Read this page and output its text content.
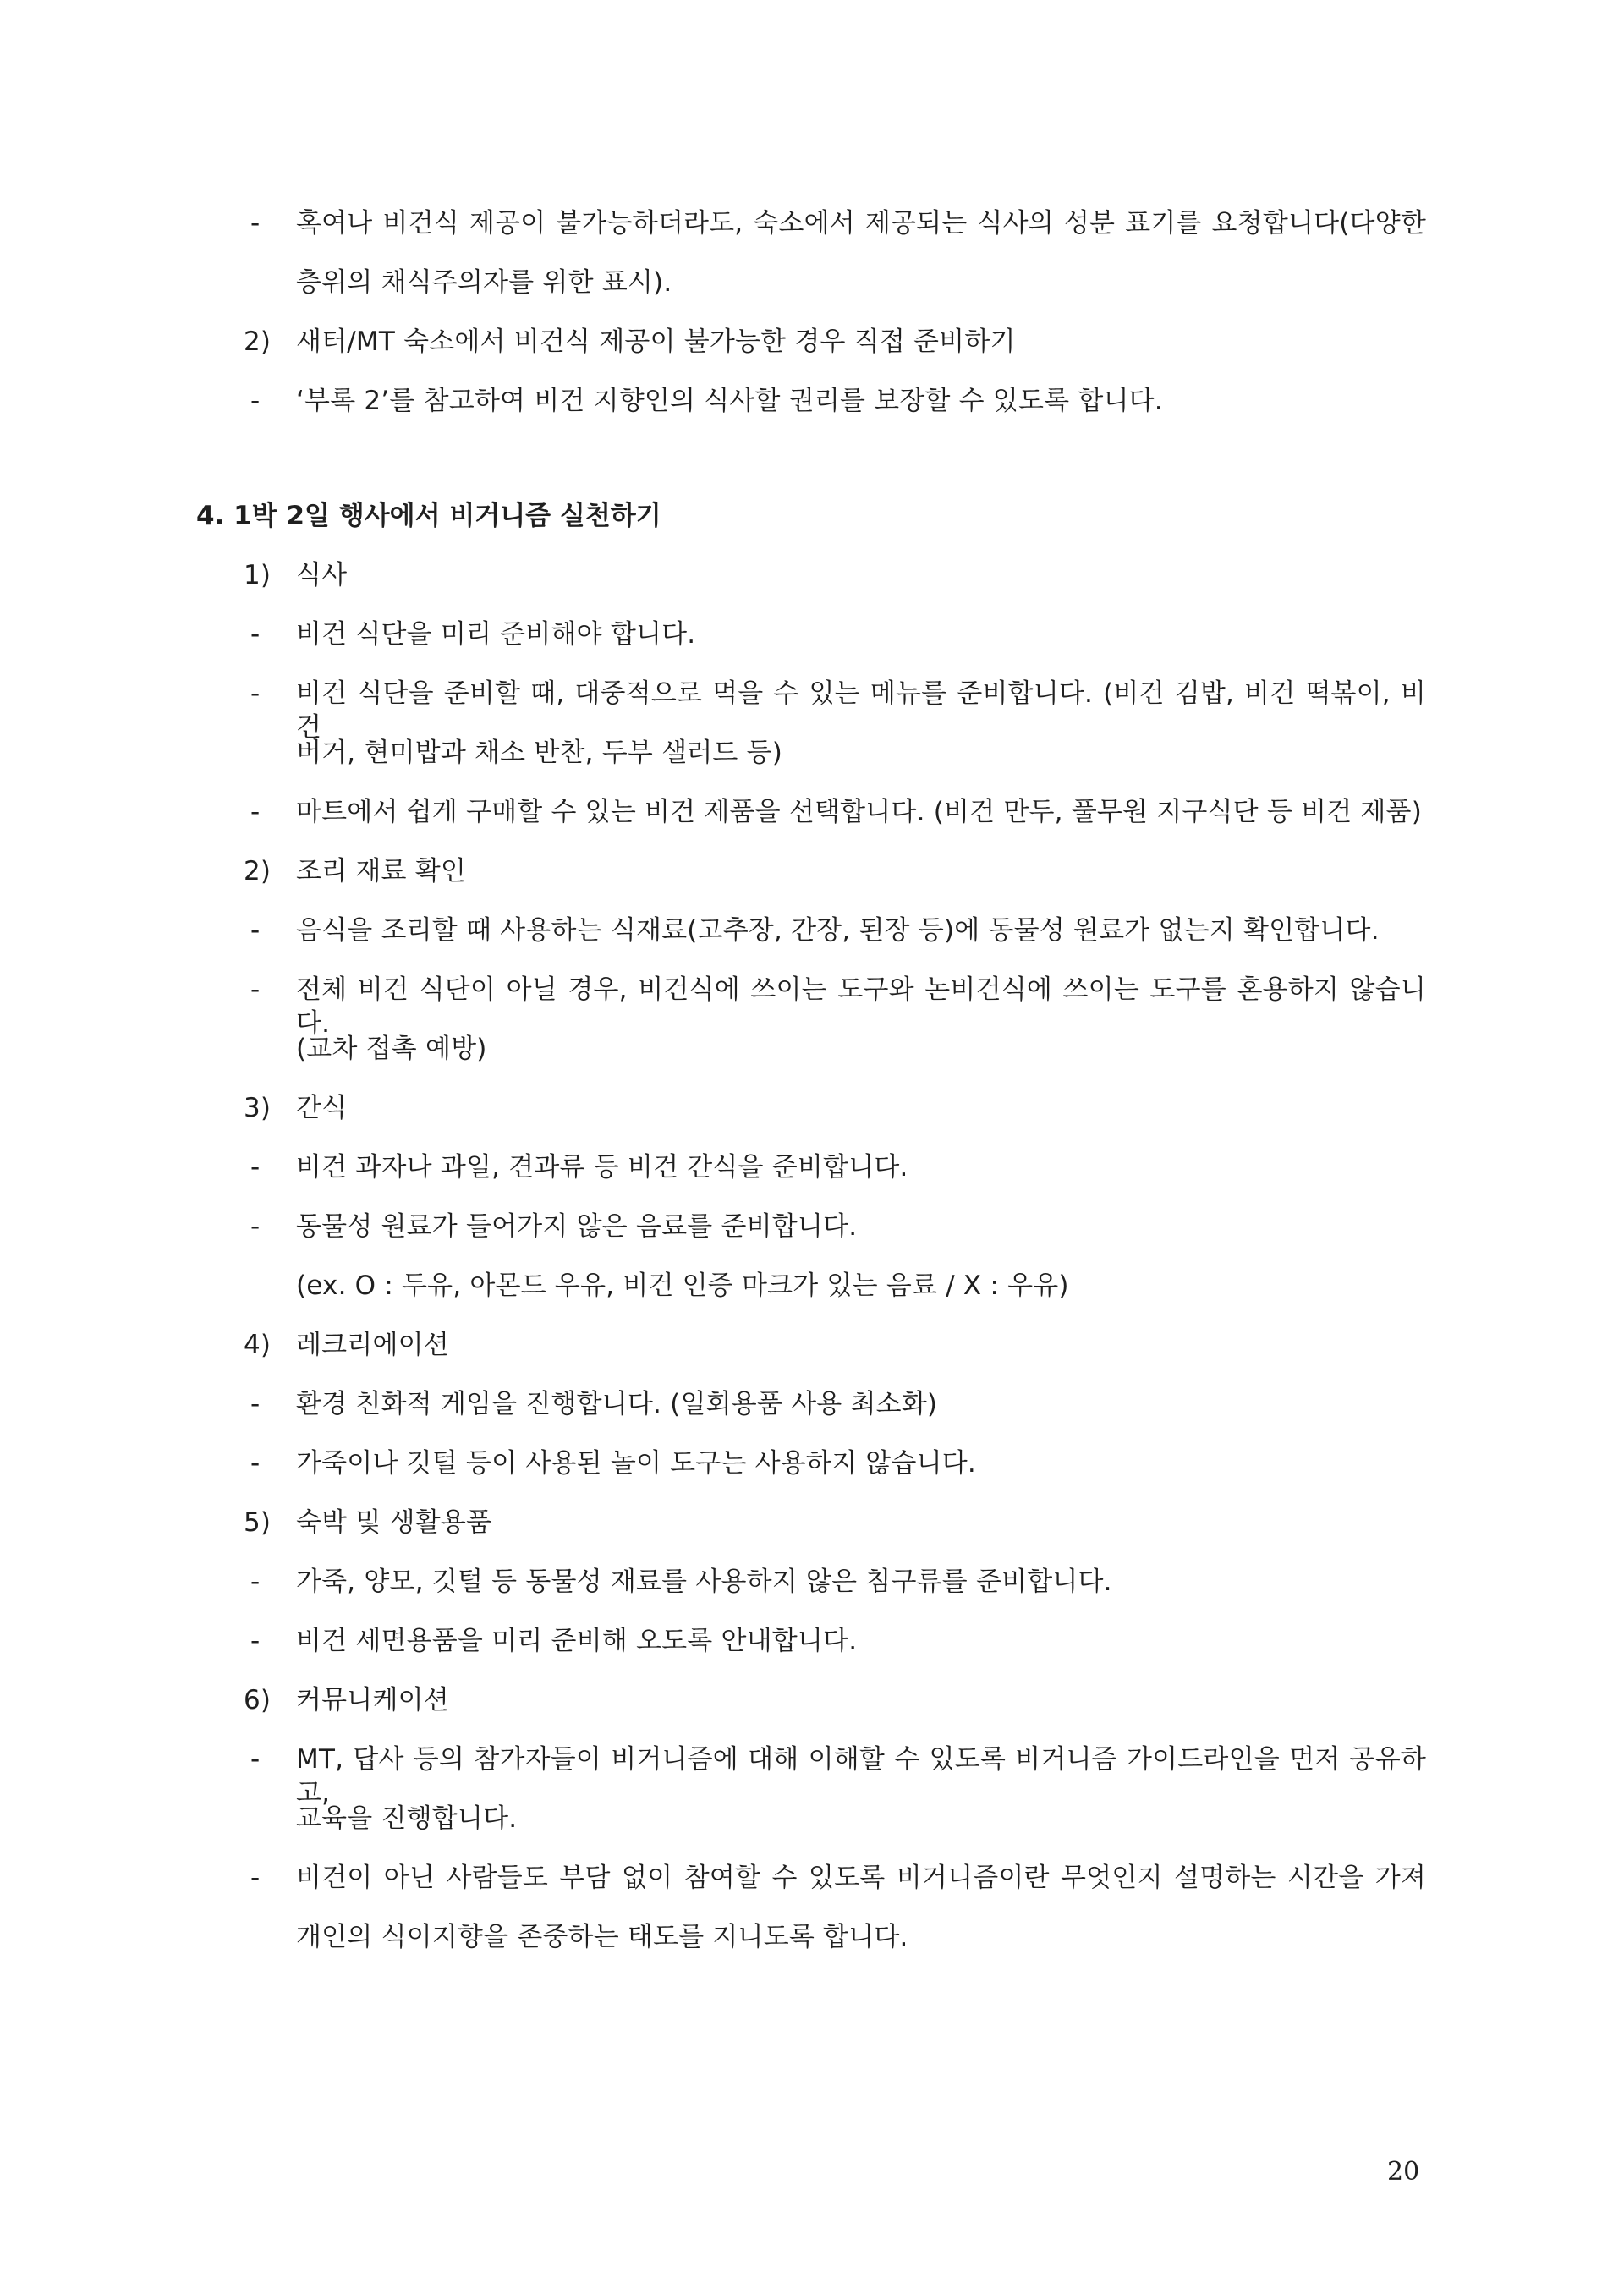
- 혹여나 비건식 제공이 불가능하더라도, 숙소에서 제공되는 식사의 성분 표기를 요청합니다(다양한
층위의 채식주의자를 위한 표시).
2) 새터/MT 숙소에서 비건식 제공이 불가능한 경우 직접 준비하기
- ‘부록 2’를 참고하여 비건 지향인의 식사할 권리를 보장할 수 있도록 합니다.
4. 1박 2일 행사에서 비거니즘 실천하기
1) 식사
- 비건 식단을 미리 준비해야 합니다.
- 비건 식단을 준비할 때, 대중적으로 먹을 수 있는 메뉴를 준비합니다. (비건 김밥, 비건 떡볶이, 비건
버거, 현미밥과 채소 반찬, 두부 샐러드 등)
- 마트에서 쉽게 구매할 수 있는 비건 제품을 선택합니다. (비건 만두, 풀무원 지구식단 등 비건 제품)
2) 조리 재료 확인
- 음식을 조리할 때 사용하는 식재료(고추장, 간장, 된장 등)에 동물성 원료가 없는지 확인합니다.
- 전체 비건 식단이 아닐 경우, 비건식에 쓰이는 도구와 논비건식에 쓰이는 도구를 혼용하지 않습니다.
(교차 접촉 예방)
3) 간식
- 비건 과자나 과일, 견과류 등 비건 간식을 준비합니다.
- 동물성 원료가 들어가지 않은 음료를 준비합니다.
(ex. O : 두유, 아몬드 우유, 비건 인증 마크가 있는 음료 / X : 우유)
4) 레크리에이션
- 환경 친화적 게임을 진행합니다. (일회용품 사용 최소화)
- 가죽이나 깃털 등이 사용된 놀이 도구는 사용하지 않습니다.
5) 숙박 및 생활용품
- 가죽, 양모, 깃털 등 동물성 재료를 사용하지 않은 침구류를 준비합니다.
- 비건 세면용품을 미리 준비해 오도록 안내합니다.
6) 커뮤니케이션
- MT, 답사 등의 참가자들이 비거니즘에 대해 이해할 수 있도록 비거니즘 가이드라인을 먼저 공유하고,
교육을 진행합니다.
- 비건이 아닌 사람들도 부담 없이 참여할 수 있도록 비거니즘이란 무엇인지 설명하는 시간을 가져
개인의 식이지향을 존중하는 태도를 지니도록 합니다.
20
